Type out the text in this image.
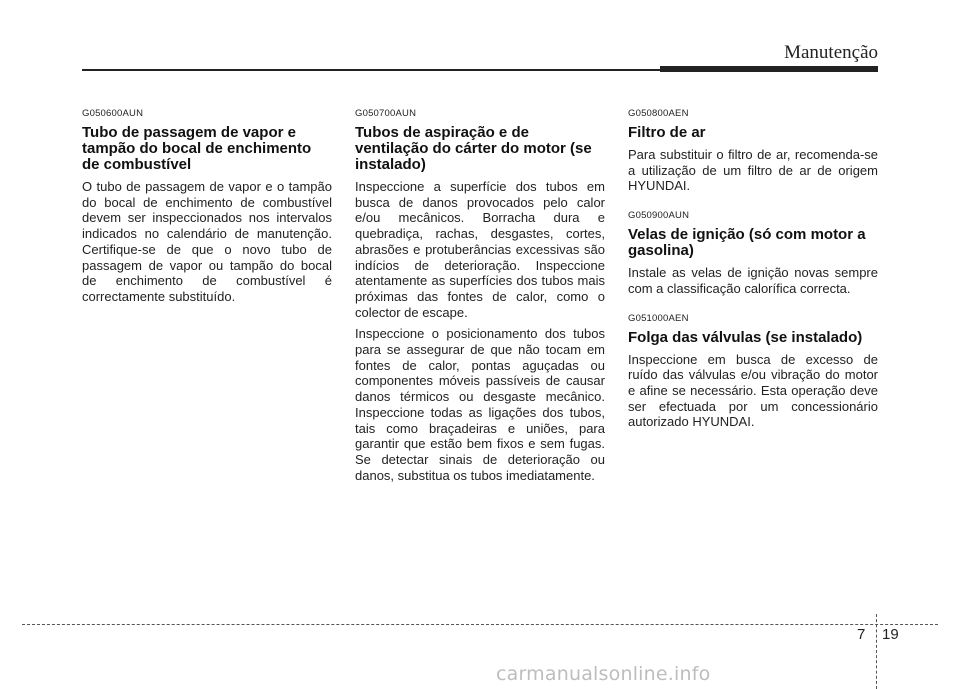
Manutenção

G050600AUN

Tubo de passagem de vapor e tampão do bocal de enchimento de combustível

O tubo de passagem de vapor e o tampão do bocal de enchimento de combustível devem ser inspeccionados nos intervalos indicados no calendário de manutenção. Certifique-se de que o novo tubo de passagem de vapor ou tampão do bocal de enchimento de combustível é correctamente substituído.

G050700AUN

Tubos de aspiração e de ventilação do cárter do motor (se instalado)

Inspeccione a superfície dos tubos em busca de danos provocados pelo calor e/ou mecânicos. Borracha dura e quebradiça, rachas, desgastes, cortes, abrasões e protuberâncias excessivas são indícios de deterioração. Inspeccione atentamente as superfícies dos tubos mais próximas das fontes de calor, como o colector de escape.

Inspeccione o posicionamento dos tubos para se assegurar de que não tocam em fontes de calor, pontas aguçadas ou componentes móveis passíveis de causar danos térmicos ou desgaste mecânico. Inspeccione todas as ligações dos tubos, tais como braçadeiras e uniões, para garantir que estão bem fixos e sem fugas. Se detectar sinais de deterioração ou danos, substitua os tubos imediatamente.

G050800AEN

Filtro de ar

Para substituir o filtro de ar, recomenda-se a utilização de um filtro de ar de origem HYUNDAI.

G050900AUN

Velas de ignição (só com motor a gasolina)

Instale as velas de ignição novas sempre com a classificação calorífica correcta.

G051000AEN

Folga das válvulas (se instalado)

Inspeccione em busca de excesso de ruído das válvulas e/ou vibração do motor e afine se necessário. Esta operação deve ser efectuada por um concessionário autorizado HYUNDAI.

7 19
carmanualsonline.info
